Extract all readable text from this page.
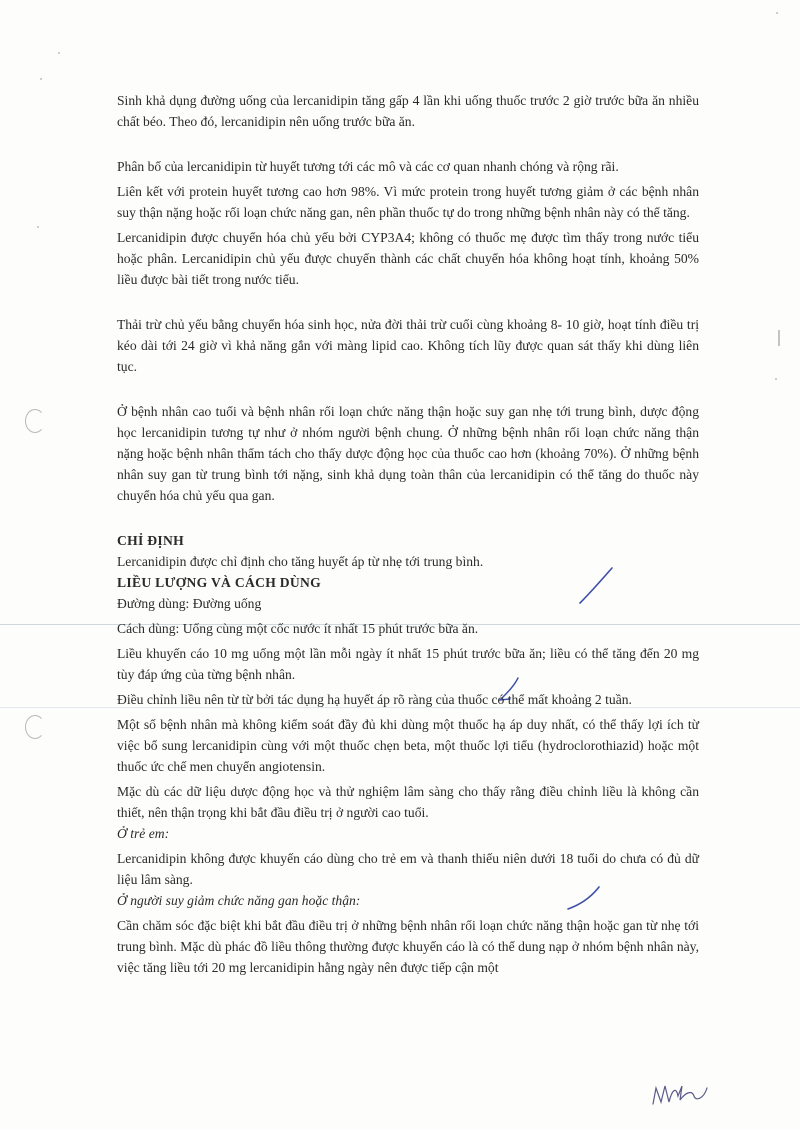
Sinh khả dụng đường uống của lercanidipin tăng gấp 4 lần khi uống thuốc trước 2 giờ trước bữa ăn nhiều chất béo. Theo đó, lercanidipin nên uống trước bữa ăn.

Phân bố của lercanidipin từ huyết tương tới các mô và các cơ quan nhanh chóng và rộng rãi.

Liên kết với protein huyết tương cao hơn 98%. Vì mức protein trong huyết tương giảm ở các bệnh nhân suy thận nặng hoặc rối loạn chức năng gan, nên phần thuốc tự do trong những bệnh nhân này có thể tăng.

Lercanidipin được chuyển hóa chủ yếu bởi CYP3A4; không có thuốc mẹ được tìm thấy trong nước tiểu hoặc phân. Lercanidipin chủ yếu được chuyển thành các chất chuyển hóa không hoạt tính, khoảng 50% liều được bài tiết trong nước tiểu.

Thải trừ chủ yếu bằng chuyển hóa sinh học, nửa đời thải trừ cuối cùng khoảng 8- 10 giờ, hoạt tính điều trị kéo dài tới 24 giờ vì khả năng gắn với màng lipid cao. Không tích lũy được quan sát thấy khi dùng liên tục.

Ở bệnh nhân cao tuổi và bệnh nhân rối loạn chức năng thận hoặc suy gan nhẹ tới trung bình, dược động học lercanidipin tương tự như ở nhóm người bệnh chung. Ở những bệnh nhân rối loạn chức năng thận nặng hoặc bệnh nhân thẩm tách cho thấy dược động học của thuốc cao hơn (khoảng 70%). Ở những bệnh nhân suy gan từ trung bình tới nặng, sinh khả dụng toàn thân của lercanidipin có thể tăng do thuốc này chuyển hóa chủ yếu qua gan.

CHỈ ĐỊNH

Lercanidipin được chỉ định cho tăng huyết áp từ nhẹ tới trung bình.

LIỀU LƯỢNG VÀ CÁCH DÙNG

Đường dùng: Đường uống

Cách dùng: Uống cùng một cốc nước ít nhất 15 phút trước bữa ăn.

Liều khuyến cáo 10 mg uống một lần mỗi ngày ít nhất 15 phút trước bữa ăn; liều có thể tăng đến 20 mg tùy đáp ứng của từng bệnh nhân.

Điều chỉnh liều nên từ từ bởi tác dụng hạ huyết áp rõ ràng của thuốc có thể mất khoảng 2 tuần.

Một số bệnh nhân mà không kiểm soát đầy đủ khi dùng một thuốc hạ áp duy nhất, có thể thấy lợi ích từ việc bổ sung lercanidipin cùng với một thuốc chẹn beta, một thuốc lợi tiểu (hydroclorothiazid) hoặc một thuốc ức chế men chuyển angiotensin.

Mặc dù các dữ liệu dược động học và thử nghiệm lâm sàng cho thấy rằng điều chỉnh liều là không cần thiết, nên thận trọng khi bắt đầu điều trị ở người cao tuổi.

Ở trẻ em:

Lercanidipin không được khuyến cáo dùng cho trẻ em và thanh thiếu niên dưới 18 tuổi do chưa có đủ dữ liệu lâm sàng.

Ở người suy giảm chức năng gan hoặc thận:

Cần chăm sóc đặc biệt khi bắt đầu điều trị ở những bệnh nhân rối loạn chức năng thận hoặc gan từ nhẹ tới trung bình. Mặc dù phác đồ liều thông thường được khuyến cáo là có thể dung nạp ở nhóm bệnh nhân này, việc tăng liều tới 20 mg lercanidipin hằng ngày nên được tiếp cận một
